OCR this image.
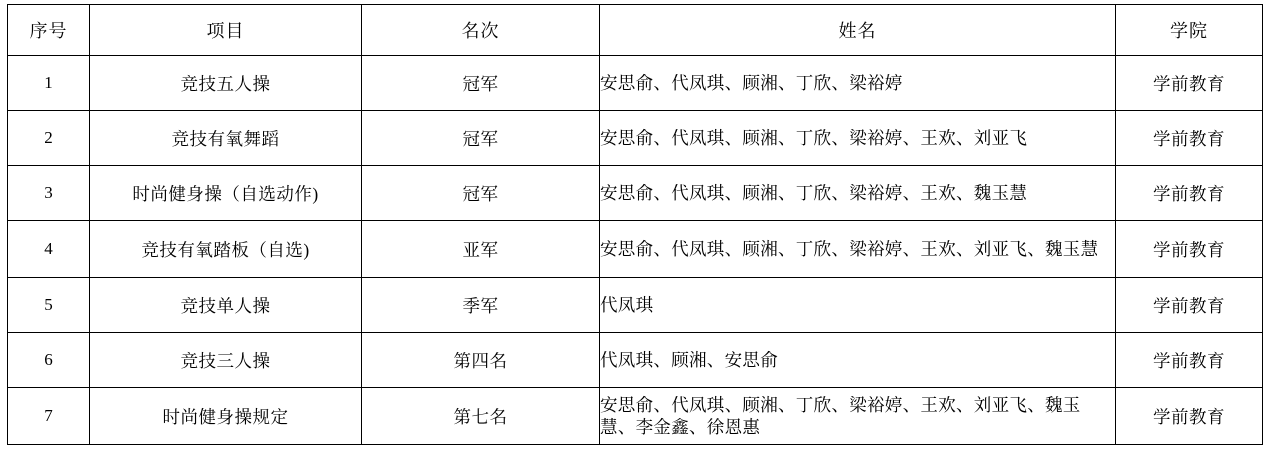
序号	项目	名次	姓名	学院
1	竞技五人操	冠军	安思俞、代凤琪、顾湘、丁欣、梁裕婷	学前教育
2	竞技有氧舞蹈	冠军	安思俞、代凤琪、顾湘、丁欣、梁裕婷、王欢、刘亚飞	学前教育
3	时尚健身操（自选动作)	冠军	安思俞、代凤琪、顾湘、丁欣、梁裕婷、王欢、魏玉慧	学前教育
4	竞技有氧踏板（自选)	亚军	安思俞、代凤琪、顾湘、丁欣、梁裕婷、王欢、刘亚飞、魏玉慧	学前教育
5	竞技单人操	季军	代凤琪	学前教育
6	竞技三人操	第四名	代凤琪、顾湘、安思俞	学前教育
7	时尚健身操规定	第七名	安思俞、代凤琪、顾湘、丁欣、梁裕婷、王欢、刘亚飞、魏玉慧、李金鑫、徐恩惠	学前教育
